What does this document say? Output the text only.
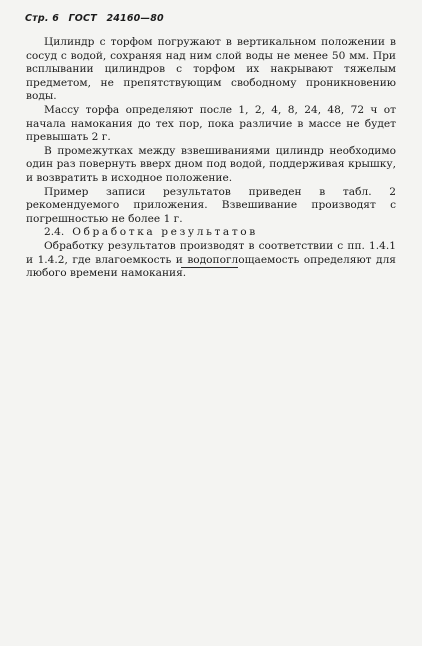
Стр. 6 ГОСТ 24160—80

Цилиндр с торфом погружают в вертикальном положении в сосуд с водой, сохраняя над ним слой воды не менее 50 мм. При всплывании цилиндров с торфом их накрывают тяжелым предметом, не препятствующим свободному проникновению воды.

Массу торфа определяют после 1, 2, 4, 8, 24, 48, 72 ч от начала намокания до тех пор, пока различие в массе не будет превышать 2 г.

В промежутках между взвешиваниями цилиндр необходимо один раз повернуть вверх дном под водой, поддерживая крышку, и возвратить в исходное положение.

Пример записи результатов приведен в табл. 2 рекомендуемого приложения. Взвешивание производят с погрешностью не более 1 г.

2.4. Обработка результатов

Обработку результатов производят в соответствии с пп. 1.4.1 и 1.4.2, где влагоемкость и водопоглощаемость определяют для любого времени намокания.
